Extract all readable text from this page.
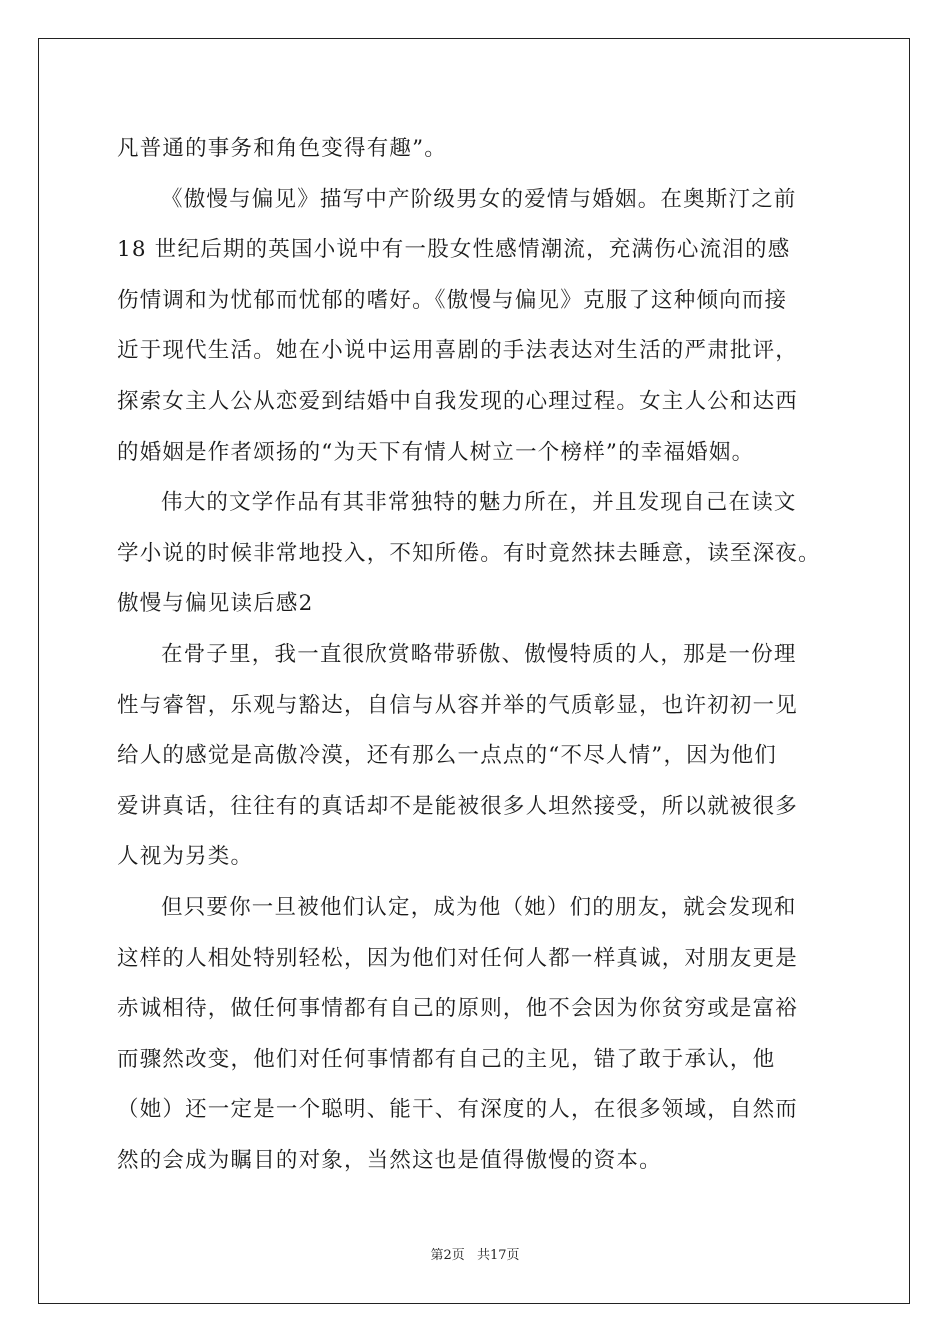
凡普通的事务和角色变得有趣”。
《傲慢与偏见》描写中产阶级男女的爱情与婚姻。在奥斯汀之前
18 世纪后期的英国小说中有一股女性感情潮流，充满伤心流泪的感
伤情调和为忧郁而忧郁的嗜好。《傲慢与偏见》克服了这种倾向而接
近于现代生活。她在小说中运用喜剧的手法表达对生活的严肃批评，
探索女主人公从恋爱到结婚中自我发现的心理过程。女主人公和达西
的婚姻是作者颂扬的“为天下有情人树立一个榜样”的幸福婚姻。
伟大的文学作品有其非常独特的魅力所在，并且发现自己在读文
学小说的时候非常地投入，不知所倦。有时竟然抹去睡意，读至深夜。
傲慢与偏见读后感2
在骨子里，我一直很欣赏略带骄傲、傲慢特质的人，那是一份理
性与睿智，乐观与豁达，自信与从容并举的气质彰显，也许初初一见
给人的感觉是高傲冷漠，还有那么一点点的“不尽人情”，因为他们
爱讲真话，往往有的真话却不是能被很多人坦然接受，所以就被很多
人视为另类。
但只要你一旦被他们认定，成为他（她）们的朋友，就会发现和
这样的人相处特别轻松，因为他们对任何人都一样真诚，对朋友更是
赤诚相待，做任何事情都有自己的原则，他不会因为你贫穷或是富裕
而骤然改变，他们对任何事情都有自己的主见，错了敢于承认，他
（她）还一定是一个聪明、能干、有深度的人，在很多领域，自然而
然的会成为瞩目的对象，当然这也是值得傲慢的资本。
第2页 共17页
